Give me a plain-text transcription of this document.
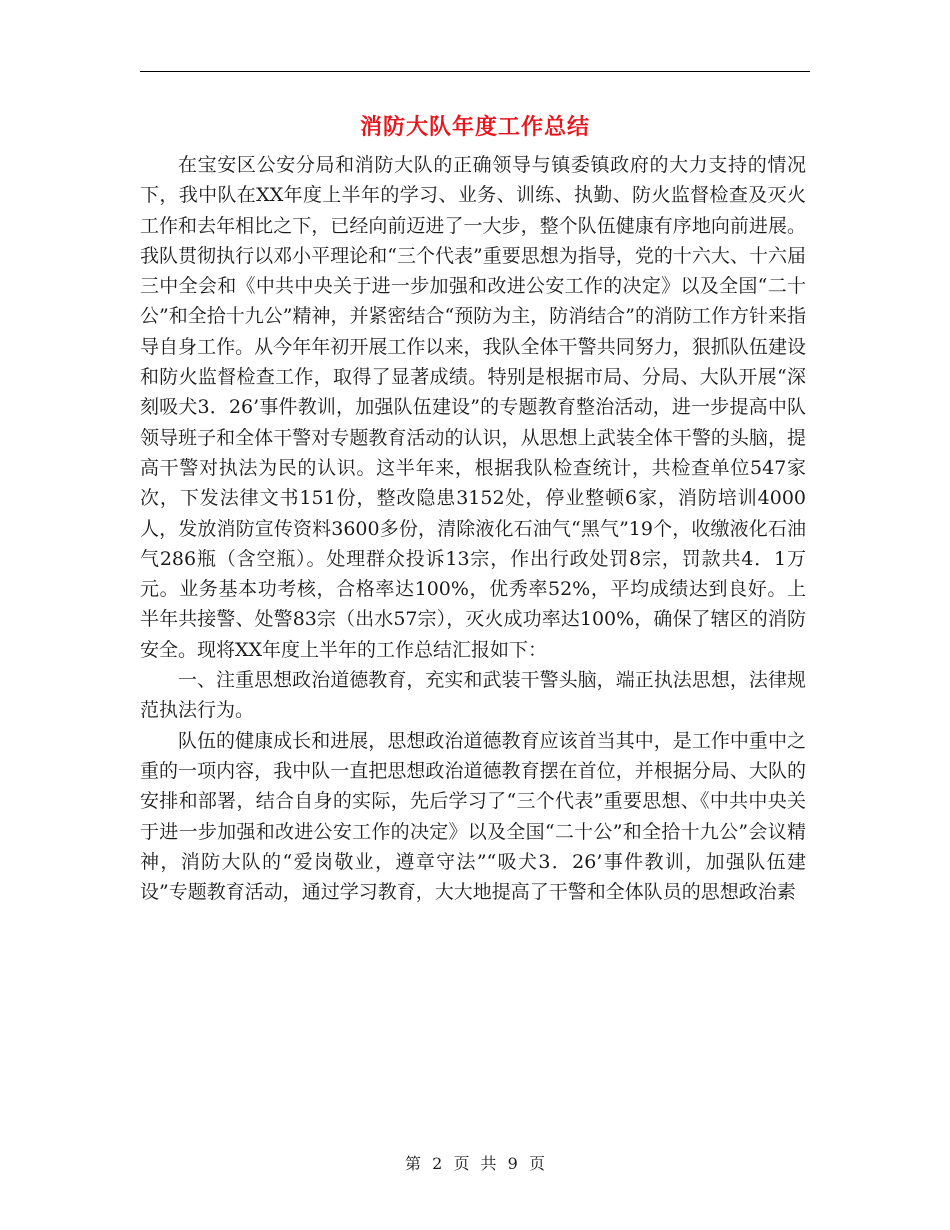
消防大队年度工作总结

在宝安区公安分局和消防大队的正确领导与镇委镇政府的大力支持的情况下，我中队在XX年度上半年的学习、业务、训练、执勤、防火监督检查及灭火工作和去年相比之下，已经向前迈进了一大步，整个队伍健康有序地向前进展。我队贯彻执行以邓小平理论和“三个代表”重要思想为指导，党的十六大、十六届三中全会和《中共中央关于进一步加强和改进公安工作的决定》以及全国“二十公”和全拾十九公”精神，并紧密结合“预防为主，防消结合”的消防工作方针来指导自身工作。从今年年初开展工作以来，我队全体干警共同努力，狠抓队伍建设和防火监督检查工作，取得了显著成绩。特别是根据市局、分局、大队开展“深刻吸犬3．26’事件教训，加强队伍建设”的专题教育整治活动，进一步提高中队领导班子和全体干警对专题教育活动的认识，从思想上武装全体干警的头脑，提高干警对执法为民的认识。这半年来，根据我队检查统计，共检查单位547家次，下发法律文书151份，整改隐患3152处，停业整顿6家，消防培训4000人，发放消防宣传资料3600多份，清除液化石油气“黑气”19个，收缴液化石油气286瓶（含空瓶）。处理群众投诉13宗，作出行政处罚8宗，罚款共4．1万元。业务基本功考核，合格率达100%，优秀率52%，平均成绩达到良好。上半年共接警、处警83宗（出水57宗），灭火成功率达100%，确保了辖区的消防安全。现将XX年度上半年的工作总结汇报如下：

一、注重思想政治道德教育，充实和武装干警头脑，端正执法思想，法律规范执法行为。

队伍的健康成长和进展，思想政治道德教育应该首当其中，是工作中重中之重的一项内容，我中队一直把思想政治道德教育摆在首位，并根据分局、大队的安排和部署，结合自身的实际，先后学习了“三个代表”重要思想、《中共中央关于进一步加强和改进公安工作的决定》以及全国“二十公”和全拾十九公”会议精神，消防大队的“爱岗敬业，遵章守法”“吸犬3．26’事件教训，加强队伍建设”专题教育活动，通过学习教育，大大地提高了干警和全体队员的思想政治素

第 2 页 共 9 页
